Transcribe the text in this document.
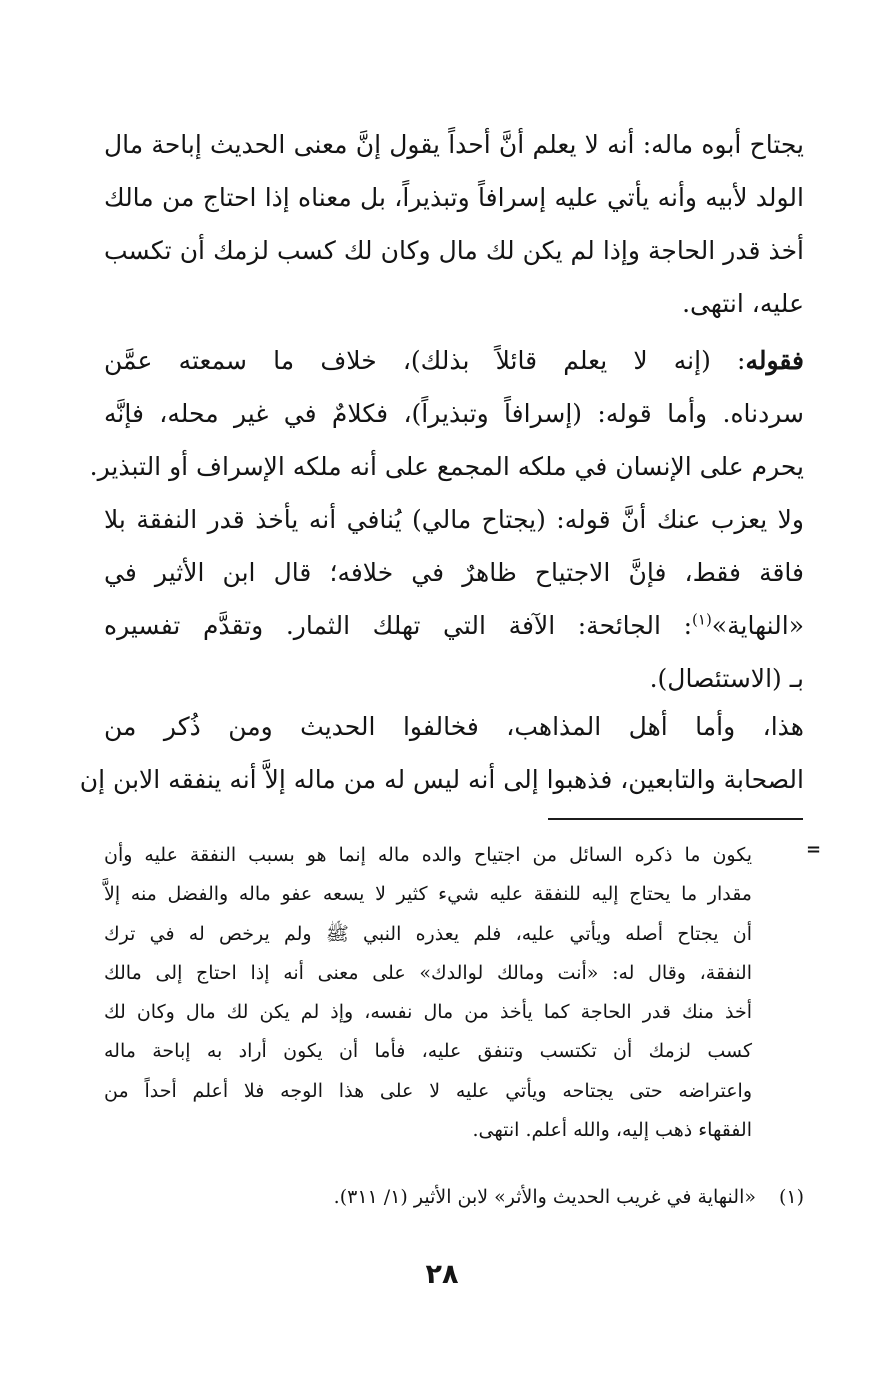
يجتاح أبوه ماله: أنه لا يعلم أنَّ أحداً يقول إنَّ معنى الحديث إباحة مال
الولد لأبيه وأنه يأتي عليه إسرافاً وتبذيراً، بل معناه إذا احتاج من مالك
أخذ قدر الحاجة وإذا لم يكن لك مال وكان لك كسب لزمك أن تكسب
عليه، انتهى.
فقوله: (إنه لا يعلم قائلاً بذلك)، خلاف ما سمعته عمَّن
سردناه. وأما قوله: (إسرافاً وتبذيراً)، فكلامٌ في غير محله، فإنَّه
يحرم على الإنسان في ملكه المجمع على أنه ملكه الإسراف أو التبذير.
ولا يعزب عنك أنَّ قوله: (يجتاح مالي) يُنافي أنه يأخذ قدر النفقة بلا
فاقة فقط، فإنَّ الاجتياح ظاهرٌ في خلافه؛ قال ابن الأثير في
«النهاية»$^{(١)}$: الجائحة: الآفة التي تهلك الثمار. وتقدَّم تفسيره
بـ (الاستئصال).
هذا، وأما أهل المذاهب، فخالفوا الحديث ومن ذُكر من
الصحابة والتابعين، فذهبوا إلى أنه ليس له من ماله إلاَّ أنه ينفقه الابن إن
=
يكون ما ذكره السائل من اجتياح والده ماله إنما هو بسبب النفقة عليه وأن
مقدار ما يحتاج إليه للنفقة عليه شيء كثير لا يسعه عفو ماله والفضل منه إلاَّ
أن يجتاح أصله ويأتي عليه، فلم يعذره النبي ﷺ ولم يرخص له في ترك
النفقة، وقال له: «أنت ومالك لوالدك» على معنى أنه إذا احتاج إلى مالك
أخذ منك قدر الحاجة كما يأخذ من مال نفسه، وإذ لم يكن لك مال وكان لك
كسب لزمك أن تكتسب وتنفق عليه، فأما أن يكون أراد به إباحة ماله
واعتراضه حتى يجتاحه ويأتي عليه لا على هذا الوجه فلا أعلم أحداً من
الفقهاء ذهب إليه، والله أعلم. انتهى.
(١)«النهاية في غريب الحديث والأثر» لابن الأثير (١/ ٣١١).
٢٨
